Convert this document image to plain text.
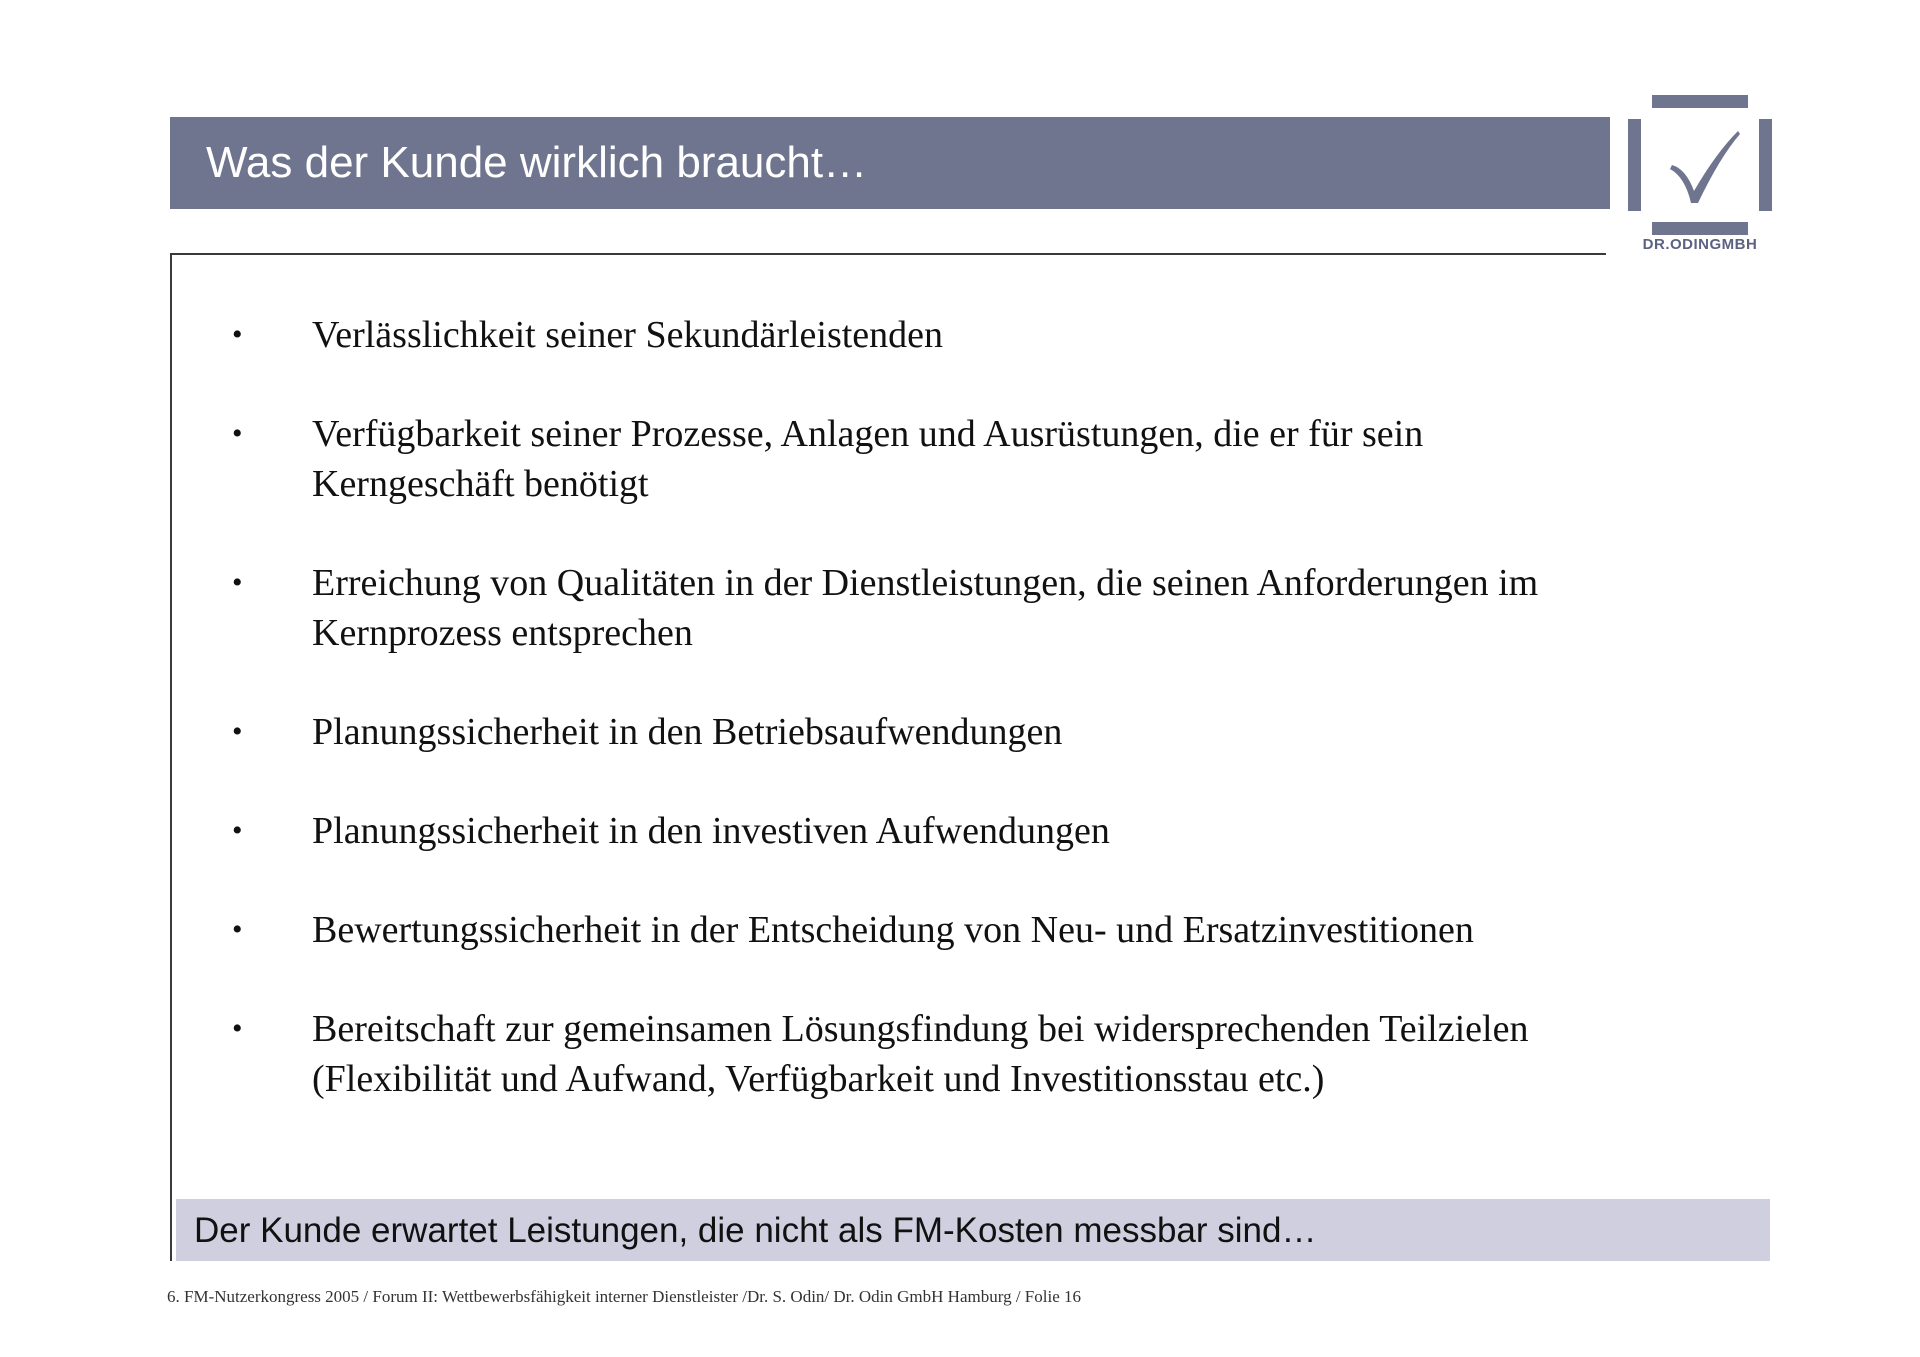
Was der Kunde wirklich braucht…
DR.ODINGMBH
•	Verlässlichkeit seiner Sekundärleistenden
•	Verfügbarkeit seiner Prozesse, Anlagen und Ausrüstungen, die er für sein
Kerngeschäft benötigt
•	Erreichung von Qualitäten in der Dienstleistungen, die seinen Anforderungen im
Kernprozess entsprechen
•	Planungssicherheit in den Betriebsaufwendungen
•	Planungssicherheit in den investiven Aufwendungen
•	Bewertungssicherheit in der Entscheidung von Neu- und Ersatzinvestitionen
•	Bereitschaft zur gemeinsamen Lösungsfindung bei widersprechenden Teilzielen
(Flexibilität und Aufwand, Verfügbarkeit und Investitionsstau etc.)
Der Kunde erwartet Leistungen, die nicht als FM-Kosten messbar sind…
6. FM-Nutzerkongress 2005 / Forum II: Wettbewerbsfähigkeit interner Dienstleister /Dr. S. Odin/ Dr. Odin GmbH Hamburg / Folie 16
